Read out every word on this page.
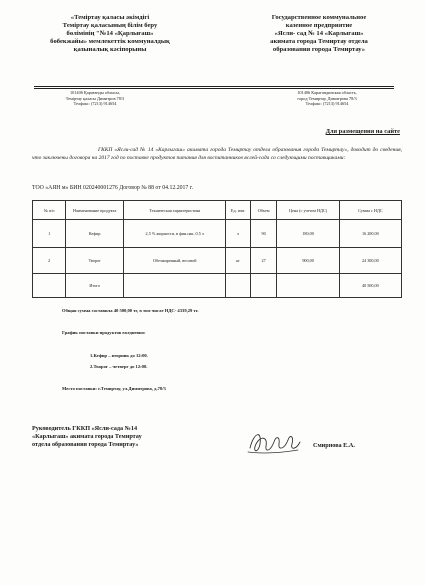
«Теміртау қаласы әкімдігі
Теміртау қаласының білім беру
бөлімінің "№14 «Қарлығаш»
бөбекжайы» мемлекеттік коммуналдық
қазыналық кәсіпорыны
Государственное коммунальное
казенное предприятие
«Ясли- сад № 14 «Карлыгаш»
акимата города Темиртау отдела
образования города Темиртау»
101406 Қарағанды облысы,
Теміртау қаласы Димитров 78/3
Телфакс: (7213) 914654
101406 Карагандинская область,
город Темиртау, Димитрова 78/3
Телфакс: (7213) 914654
Для размещения на сайте
ГККП «Ясли-сад № 14 «Карлыгаш» акимата города Темиртау отдела образования города Темиртау», доводит до сведения, что заключены договора на 2017 год по поставке продуктов питания для воспитанников яслей-сада со следующими поставщиками:
ТОО «АЯН м» БИН 020240001276 Договор № 88 от 04.12.2017 г.
№ п/п	Наименование продукта	Техническая характеристика	Ед. изм.	Объем	Цена (с учетом НДС)	Сумма с НДС
1	Кефир	2,5 % жирности, в фин.пак, 0,5 л	л	90	180,00	16 200,00
2	Творог	Обезжиренный, весовой	кг	27	900,00	24 300,00
	Итого					40 500,00
Общая сумма составила 40 500,00 тг, в том числе НДС- 4339,29 тг.
График поставки продуктов ежедневно:
1.Кефир – вторник до 12:00.
2.Творог – четверг до 12:00.
Место поставки: г.Темиртау, ул.Димитрова, д.78/3
Руководитель ГККП «Ясли-сада №14
«Карлыгаш» акимата города Темиртау
отдела образования города Темиртау»	Смирнова Е.А.
